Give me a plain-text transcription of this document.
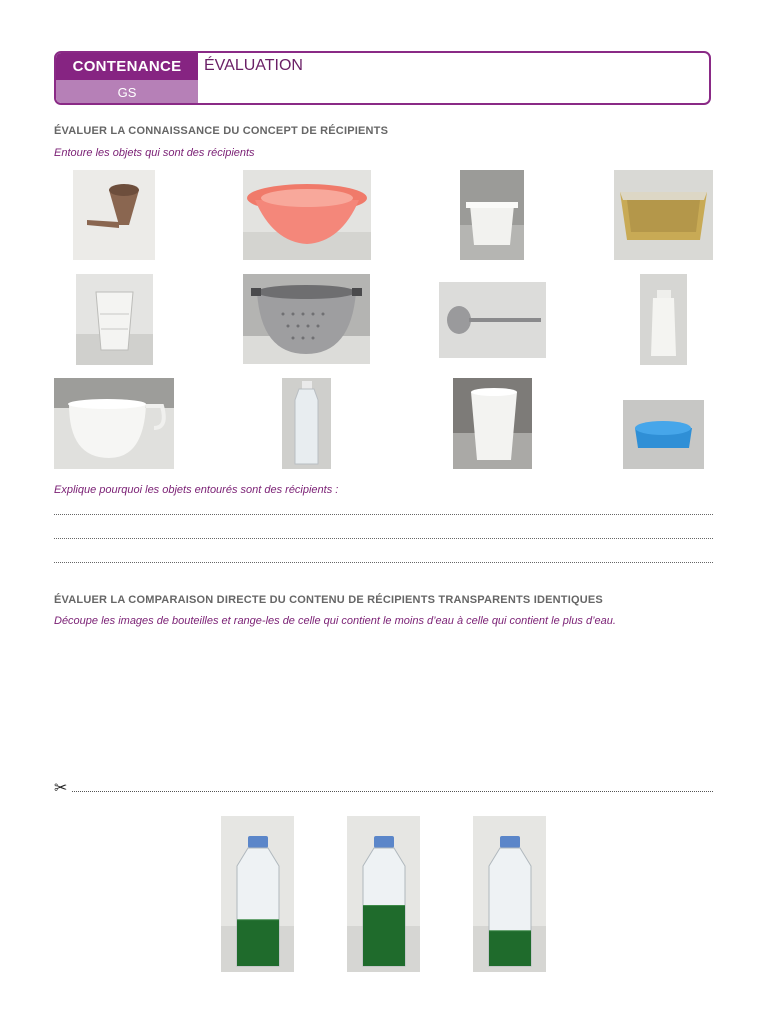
CONTENANCE
GS
ÉVALUATION
ÉVALUER LA CONNAISSANCE DU CONCEPT DE RÉCIPIENTS
Entoure les objets qui sont des récipients
Explique pourquoi les objets entourés sont des récipients :
ÉVALUER LA COMPARAISON DIRECTE DU CONTENU DE RÉCIPIENTS TRANSPARENTS IDENTIQUES
Découpe les images de bouteilles et range-les de celle qui contient le moins d’eau à celle qui contient le plus d’eau.
✂
